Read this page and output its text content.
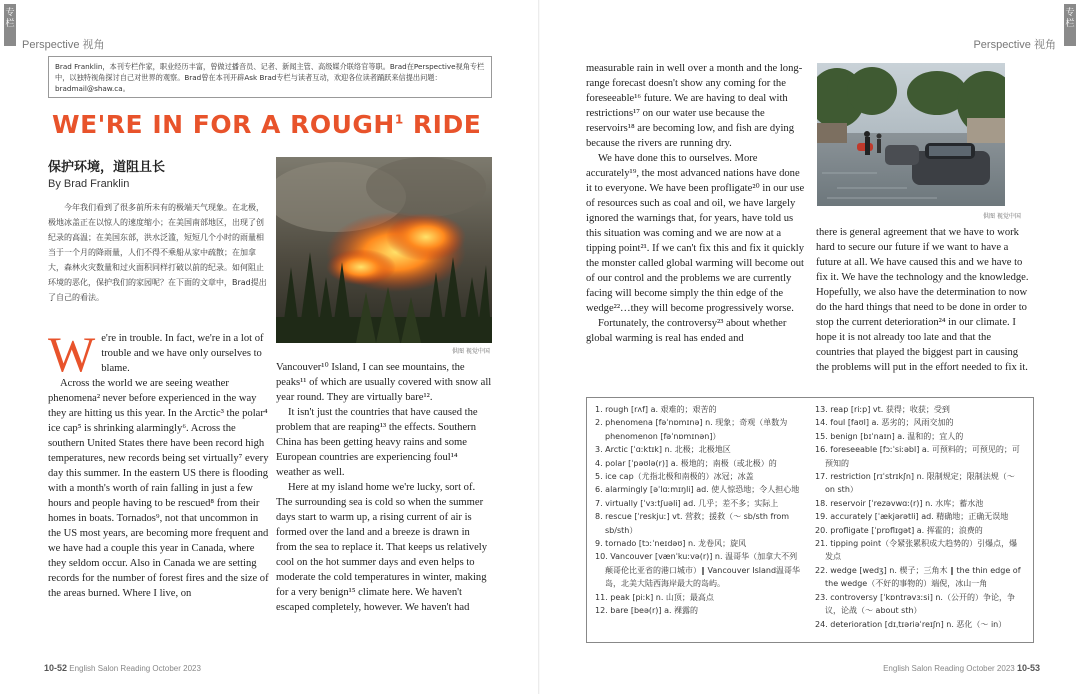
专栏
Perspective 视角
Brad Franklin，本刊专栏作家，职业经历丰富，曾做过播音员、记者、新闻主管、高级媒介联络官等职。Brad在Perspective视角专栏中，以独特视角探讨自己对世界的观察。Brad曾在本刊开辟Ask Brad专栏与读者互动，欢迎各位读者踊跃来信提出问题：bradmail@shaw.ca。
WE'RE IN FOR A ROUGH$^1$ RIDE
保护环境，道阻且长
By Brad Franklin
今年我们看到了很多前所未有的极端天气现象。在北极，极地冰盖正在以惊人的速度缩小；在美国南部地区，出现了创纪录的高温；在美国东部，洪水泛滥，短短几个小时的雨量相当于一个月的降雨量，人们不得不乘船从家中疏散；在加拿大，森林火灾数量和过火面积同样打破以前的纪录。如何阻止环境的恶化，保护我们的家园呢？在下面的文章中，Brad提出了自己的看法。
供图 视觉中国
W e're in trouble. In fact, we're in a lot of trouble and we have only ourselves to blame.

Across the world we are seeing weather phenomena² never before experienced in the way they are hitting us this year. In the Arctic³ the polar⁴ ice cap⁵ is shrinking alarmingly⁶. Across the southern United States there have been record high temperatures, new records being set virtually⁷ every day this summer. In the eastern US there is flooding with a month's worth of rain falling in just a few hours and people having to be rescued⁸ from their homes in boats. Tornados⁹, not that uncommon in the US most years, are becoming more frequent and we have had a couple this year in Canada, where they seldom occur. Also in Canada we are setting records for the number of forest fires and the size of the areas burned. Where I live, on

Vancouver¹⁰ Island, I can see mountains, the peaks¹¹ of which are usually covered with snow all year round. They are virtually bare¹².

It isn't just the countries that have caused the problem that are reaping¹³ the effects. Southern China has been getting heavy rains and some European countries are experiencing foul¹⁴ weather as well.

Here at my island home we're lucky, sort of. The surrounding sea is cold so when the summer days start to warm up, a rising current of air is formed over the land and a breeze is drawn in from the sea to replace it. That keeps us relatively cool on the hot summer days and even helps to moderate the cold temperatures in winter, making for a very benign¹⁵ climate here. We haven't escaped completely, however. We haven't had

10-52 English Salon Reading October 2023
专栏
Perspective 视角

measurable rain in well over a month and the long-range forecast doesn't show any coming for the foreseeable¹⁶ future. We are having to deal with restrictions¹⁷ on our water use because the reservoirs¹⁸ are becoming low, and fish are dying because the rivers are running dry.

We have done this to ourselves. More accurately¹⁹, the most advanced nations have done it to everyone. We have been profligate²⁰ in our use of resources such as coal and oil, we have largely ignored the warnings that, for years, have told us this situation was coming and we are now at a tipping point²¹. If we can't fix this and fix it quickly the monster called global warming will become out of our control and the problems we are currently facing will become simply the thin edge of the wedge²²…they will become progressively worse.

Fortunately, the controversy²³ about whether global warming is real has ended and

供图 视觉中国

there is general agreement that we have to work hard to secure our future if we want to have a future at all. We have caused this and we have to fix it. We have the technology and the knowledge. Hopefully, we also have the determination to now do the hard things that need to be done in order to stop the current deterioration²⁴ in our climate. I hope it is not already too late and that the countries that played the biggest part in causing the problems will put in the effort needed to fix it.

English Salon Reading October 2023 10-53
1. rough [rʌf] a. 艰难的；艰苦的
2. phenomena [fəˈnɒmɪnə] n. 现象；奇观（单数为 phenomenon [fəˈnɒmɪnən]）
3. Arctic [ˈɑːktɪk] n. 北极；北极地区
4. polar [ˈpəʊlə(r)] a. 极地的；南极（或北极）的
5. ice cap（尤指北极和南极的）冰冠；冰盖
6. alarmingly [əˈlɑːmɪŋli] ad. 使人惊恐地；令人担心地
7. virtually [ˈvɜːtʃuəli] ad. 几乎；差不多；实际上
8. rescue [ˈreskjuː] vt. 营救；援救（～ sb/sth from sb/sth）
9. tornado [tɔːˈneɪdəʊ] n. 龙卷风；旋风
10. Vancouver [vænˈkuːvə(r)] n. 温哥华（加拿大不列颠哥伦比亚省的港口城市）‖ Vancouver Island温哥华岛，北美大陆西海岸最大的岛屿。
11. peak [piːk] n. 山顶；最高点
12. bare [beə(r)] a. 裸露的
13. reap [riːp] vt. 获得；收获；受到
14. foul [faʊl] a. 恶劣的；风雨交加的
15. benign [bɪˈnaɪn] a. 温和的；宜人的
16. foreseeable [fɔːˈsiːəbl] a. 可预料的；可预见的；可预知的
17. restriction [rɪˈstrɪkʃn] n. 限制规定；限制法规（～ on sth）
18. reservoir [ˈrezəvwɑː(r)] n. 水库；蓄水池
19. accurately [ˈækjərətli] ad. 精确地；正确无误地
20. profligate [ˈprɒflɪgət] a. 挥霍的；浪费的
21. tipping point（令紧张累积成大趋势的）引爆点，爆发点
22. wedge [wedʒ] n. 楔子；三角木 ‖ the thin edge of the wedge（不好的事物的）端倪，冰山一角
23. controversy [ˈkɒntrəvɜːsi] n.（公开的）争论，争议，论战（～ about sth）
24. deterioration [dɪˌtɪəriəˈreɪʃn] n. 恶化（～ in）
